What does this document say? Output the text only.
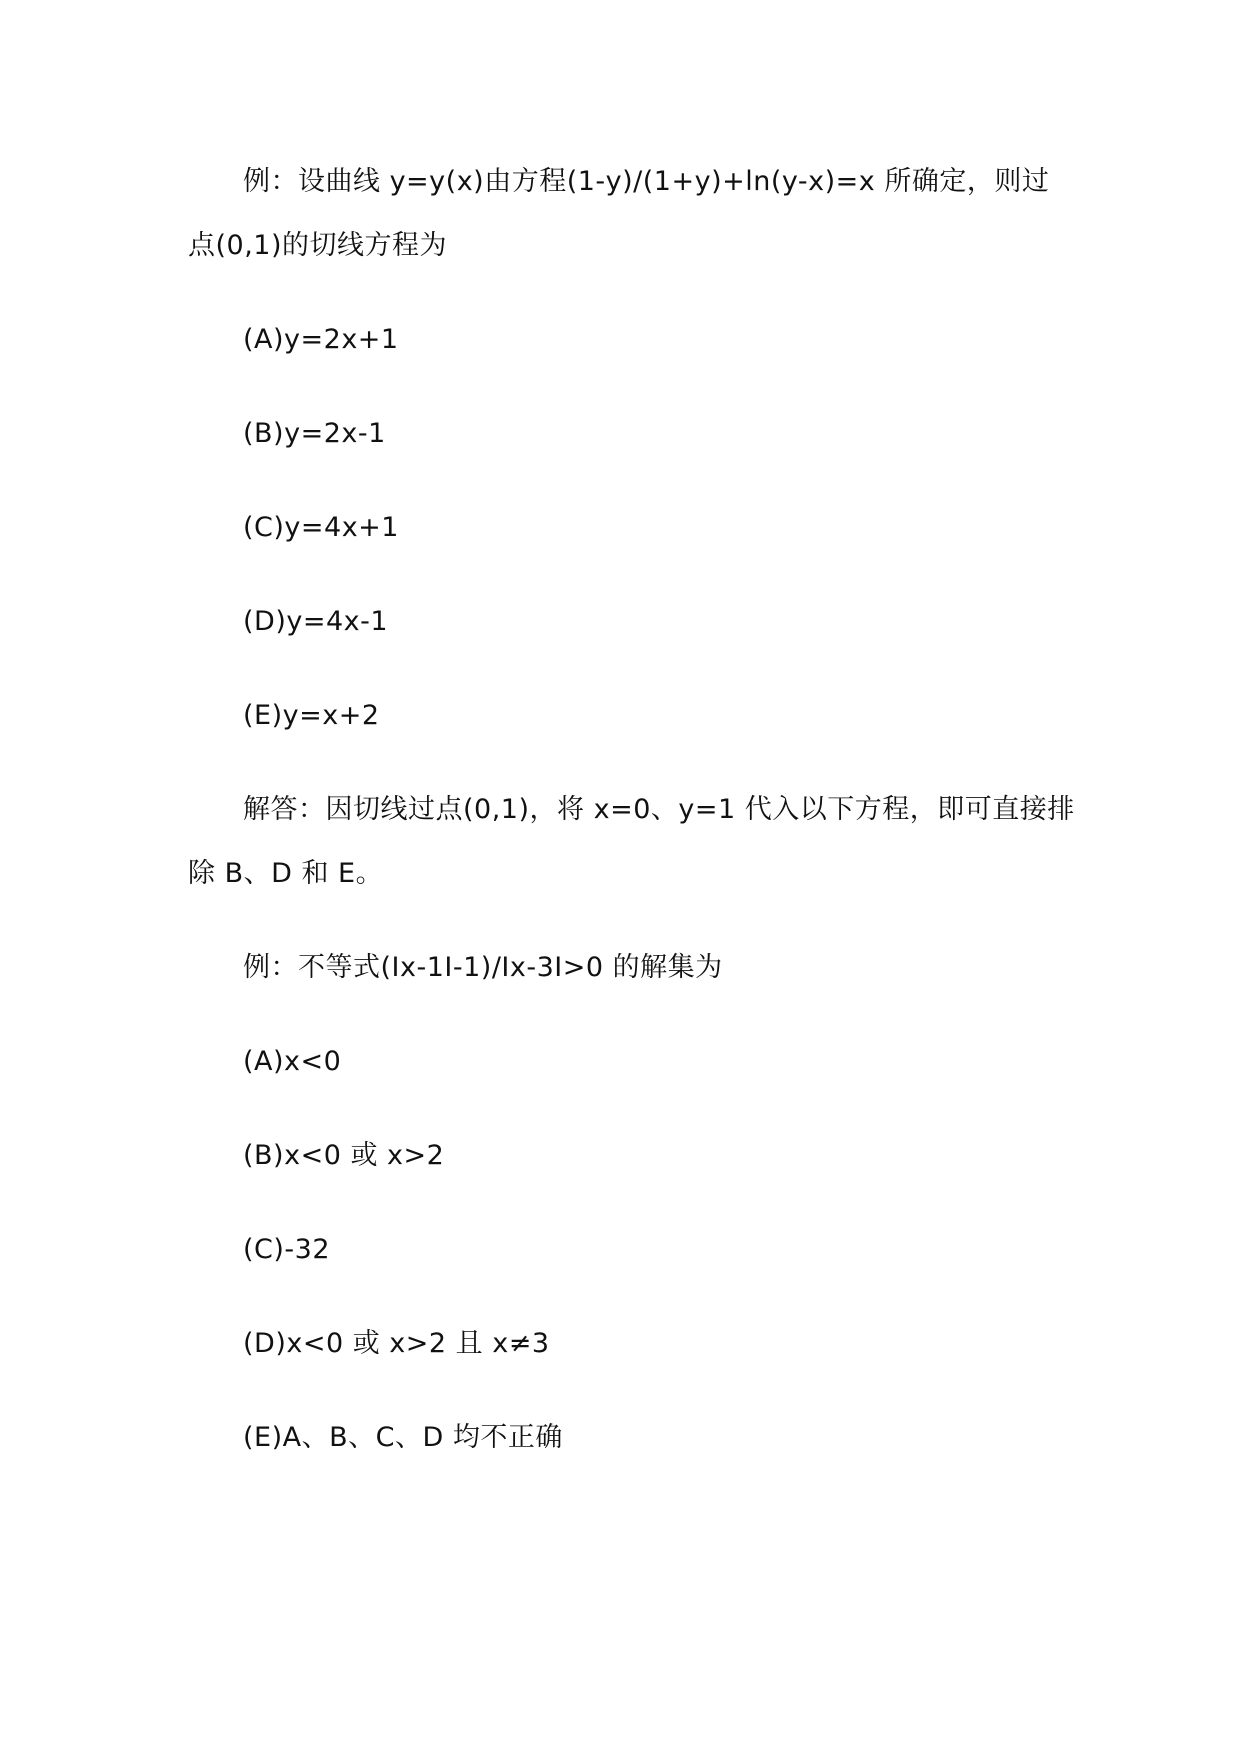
例：设曲线 y=y(x)由方程(1-y)/(1+y)+ln(y-x)=x 所确定，则过
点(0,1)的切线方程为
(A)y=2x+1
(B)y=2x-1
(C)y=4x+1
(D)y=4x-1
(E)y=x+2
解答：因切线过点(0,1)，将 x=0、y=1 代入以下方程，即可直接排
除 B、D 和 E。
例：不等式(Ix-1I-1)/Ix-3I>0 的解集为
(A)x<0
(B)x<0 或 x>2
(C)-32
(D)x<0 或 x>2 且 x≠3
(E)A、B、C、D 均不正确
